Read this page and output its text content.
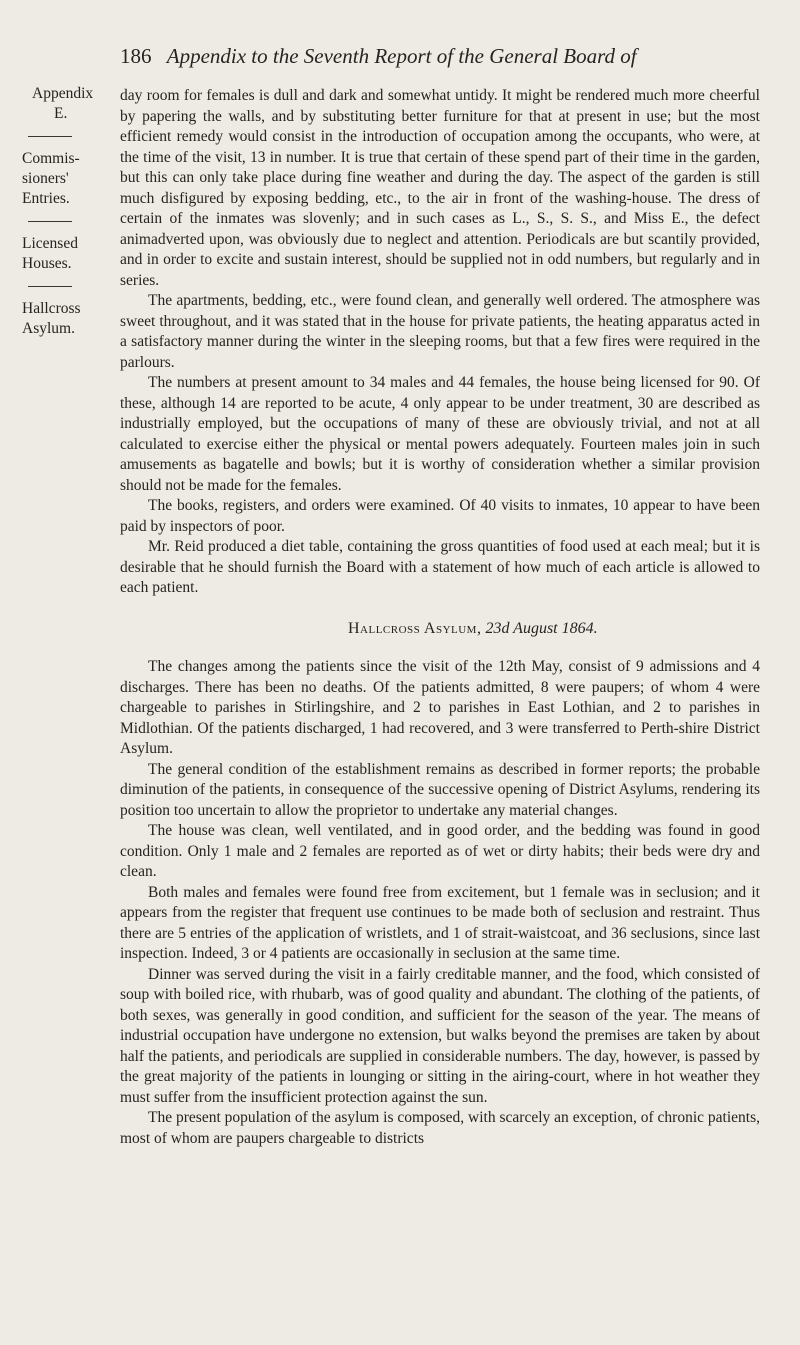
186 Appendix to the Seventh Report of the General Board of
Appendix
E.
Commis-
sioners'
Entries.
Licensed
Houses.
Hallcross
Asylum.

day room for females is dull and dark and somewhat untidy. It might be rendered much more cheerful by papering the walls, and by substituting better furniture for that at present in use; but the most efficient remedy would consist in the introduction of occupation among the occupants, who were, at the time of the visit, 13 in number. It is true that certain of these spend part of their time in the garden, but this can only take place during fine weather and during the day. The aspect of the garden is still much disfigured by exposing bedding, etc., to the air in front of the washing-house. The dress of certain of the inmates was slovenly; and in such cases as L., S., S. S., and Miss E., the defect animadverted upon, was obviously due to neglect and attention. Periodicals are but scantily provided, and in order to excite and sustain interest, should be supplied not in odd numbers, but regularly and in series.

The apartments, bedding, etc., were found clean, and generally well ordered. The atmosphere was sweet throughout, and it was stated that in the house for private patients, the heating apparatus acted in a satisfactory manner during the winter in the sleeping rooms, but that a few fires were required in the parlours.

The numbers at present amount to 34 males and 44 females, the house being licensed for 90. Of these, although 14 are reported to be acute, 4 only appear to be under treatment, 30 are described as industrially employed, but the occupations of many of these are obviously trivial, and not at all calculated to exercise either the physical or mental powers adequately. Fourteen males join in such amusements as bagatelle and bowls; but it is worthy of consideration whether a similar provision should not be made for the females.

The books, registers, and orders were examined. Of 40 visits to inmates, 10 appear to have been paid by inspectors of poor.

Mr. Reid produced a diet table, containing the gross quantities of food used at each meal; but it is desirable that he should furnish the Board with a statement of how much of each article is allowed to each patient.

Hallcross Asylum, 23d August 1864.

The changes among the patients since the visit of the 12th May, consist of 9 admissions and 4 discharges. There has been no deaths. Of the patients admitted, 8 were paupers; of whom 4 were chargeable to parishes in Stirlingshire, and 2 to parishes in East Lothian, and 2 to parishes in Midlothian. Of the patients discharged, 1 had recovered, and 3 were transferred to Perth-shire District Asylum.

The general condition of the establishment remains as described in former reports; the probable diminution of the patients, in consequence of the successive opening of District Asylums, rendering its position too uncertain to allow the proprietor to undertake any material changes.

The house was clean, well ventilated, and in good order, and the bedding was found in good condition. Only 1 male and 2 females are reported as of wet or dirty habits; their beds were dry and clean.

Both males and females were found free from excitement, but 1 female was in seclusion; and it appears from the register that frequent use continues to be made both of seclusion and restraint. Thus there are 5 entries of the application of wristlets, and 1 of strait-waistcoat, and 36 seclusions, since last inspection. Indeed, 3 or 4 patients are occasionally in seclusion at the same time.

Dinner was served during the visit in a fairly creditable manner, and the food, which consisted of soup with boiled rice, with rhubarb, was of good quality and abundant. The clothing of the patients, of both sexes, was generally in good condition, and sufficient for the season of the year. The means of industrial occupation have undergone no extension, but walks beyond the premises are taken by about half the patients, and periodicals are supplied in considerable numbers. The day, however, is passed by the great majority of the patients in lounging or sitting in the airing-court, where in hot weather they must suffer from the insufficient protection against the sun.

The present population of the asylum is composed, with scarcely an exception, of chronic patients, most of whom are paupers chargeable to districts
